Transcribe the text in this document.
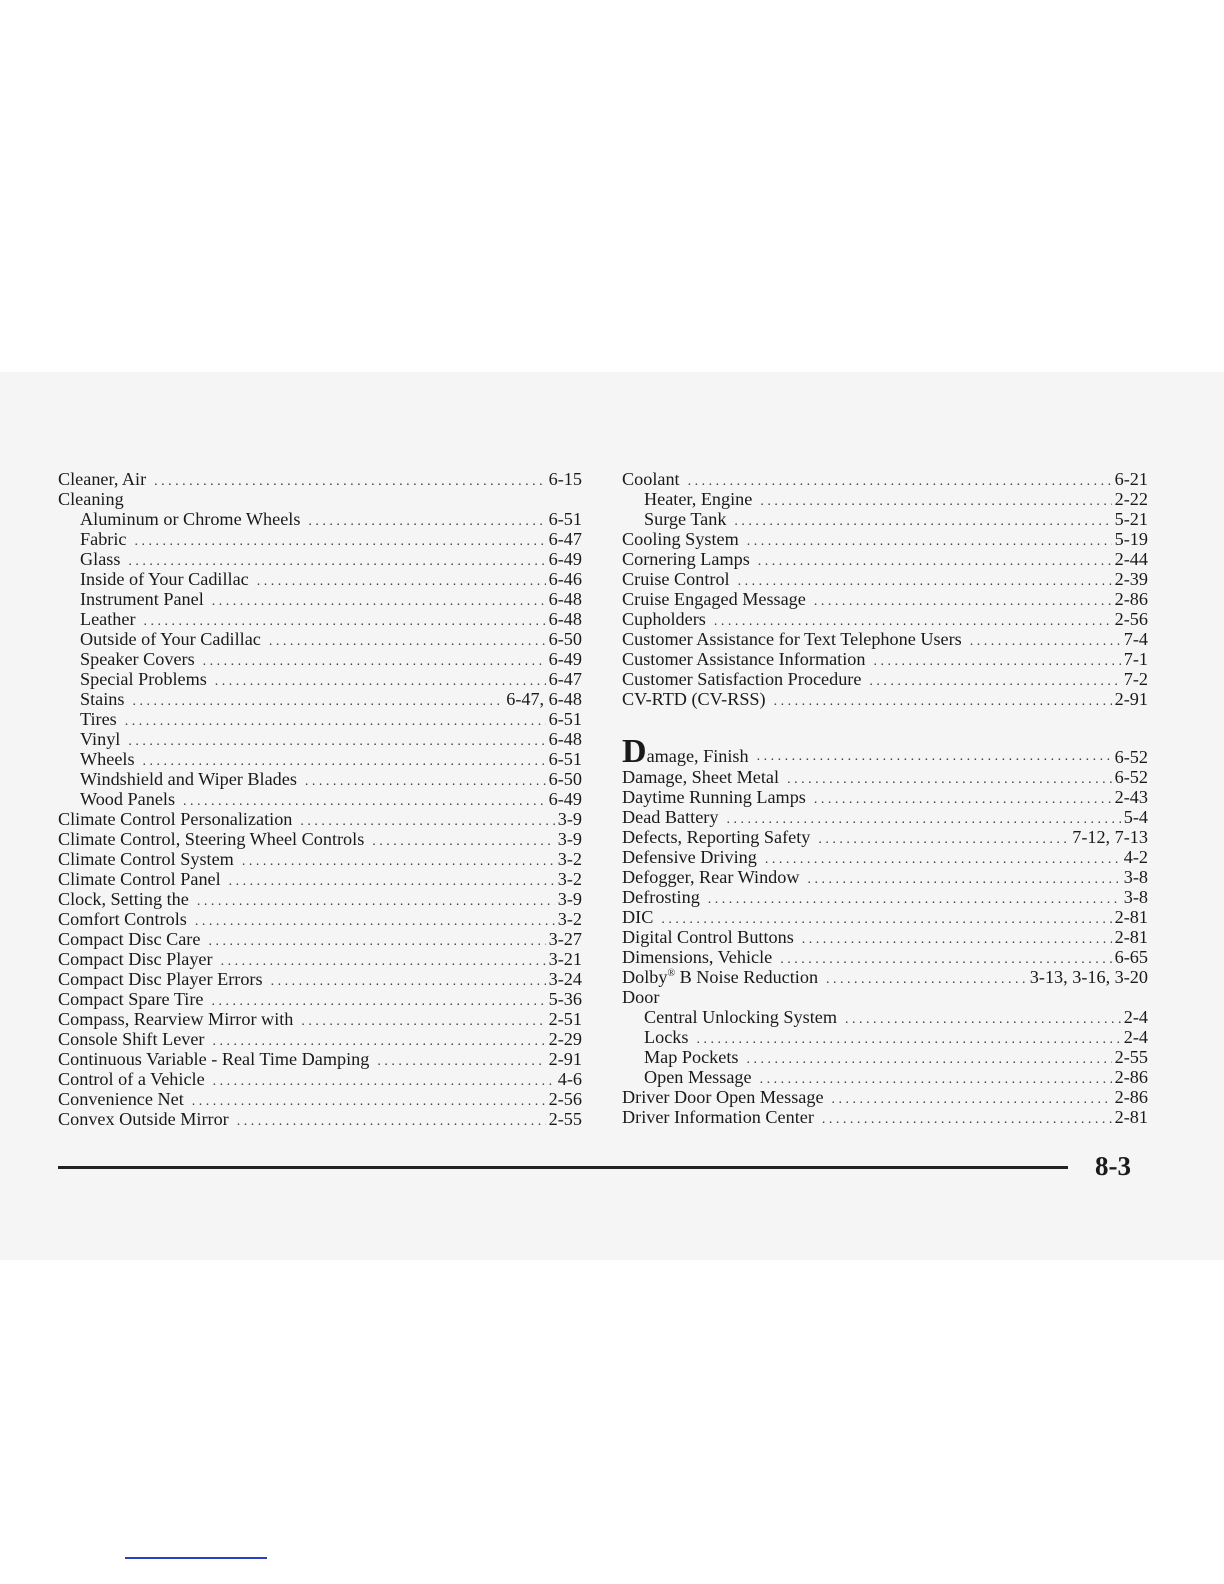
Cleaner, Air . . .	6-15
Cleaning
Aluminum or Chrome Wheels . . .	6-51
Fabric . . .	6-47
Glass . . .	6-49
Inside of Your Cadillac . . .	6-46
Instrument Panel . . .	6-48
Leather . . .	6-48
Outside of Your Cadillac . . .	6-50
Speaker Covers . . .	6-49
Special Problems . . .	6-47
Stains . . .	6-47, 6-48
Tires . . .	6-51
Vinyl . . .	6-48
Wheels . . .	6-51
Windshield and Wiper Blades . . .	6-50
Wood Panels . . .	6-49
Climate Control Personalization . . .	3-9
Climate Control, Steering Wheel Controls . . .	3-9
Climate Control System . . .	3-2
Climate Control Panel . . .	3-2
Clock, Setting the . . .	3-9
Comfort Controls . . .	3-2
Compact Disc Care . . .	3-27
Compact Disc Player . . .	3-21
Compact Disc Player Errors . . .	3-24
Compact Spare Tire . . .	5-36
Compass, Rearview Mirror with . . .	2-51
Console Shift Lever . . .	2-29
Continuous Variable - Real Time Damping . . .	2-91
Control of a Vehicle . . .	4-6
Convenience Net . . .	2-56
Convex Outside Mirror . . .	2-55
Coolant . . .	6-21
Heater, Engine . . .	2-22
Surge Tank . . .	5-21
Cooling System . . .	5-19
Cornering Lamps . . .	2-44
Cruise Control . . .	2-39
Cruise Engaged Message . . .	2-86
Cupholders . . .	2-56
Customer Assistance for Text Telephone Users . . .	7-4
Customer Assistance Information . . .	7-1
Customer Satisfaction Procedure . . .	7-2
CV-RTD (CV-RSS) . . .	2-91
Damage, Finish . . .	6-52
Damage, Sheet Metal . . .	6-52
Daytime Running Lamps . . .	2-43
Dead Battery . . .	5-4
Defects, Reporting Safety . . .	7-12, 7-13
Defensive Driving . . .	4-2
Defogger, Rear Window . . .	3-8
Defrosting . . .	3-8
DIC . . .	2-81
Digital Control Buttons . . .	2-81
Dimensions, Vehicle . . .	6-65
Dolby® B Noise Reduction . . .	3-13, 3-16, 3-20
Door
Central Unlocking System . . .	2-4
Locks . . .	2-4
Map Pockets . . .	2-55
Open Message . . .	2-86
Driver Door Open Message . . .	2-86
Driver Information Center . . .	2-81
8-3
